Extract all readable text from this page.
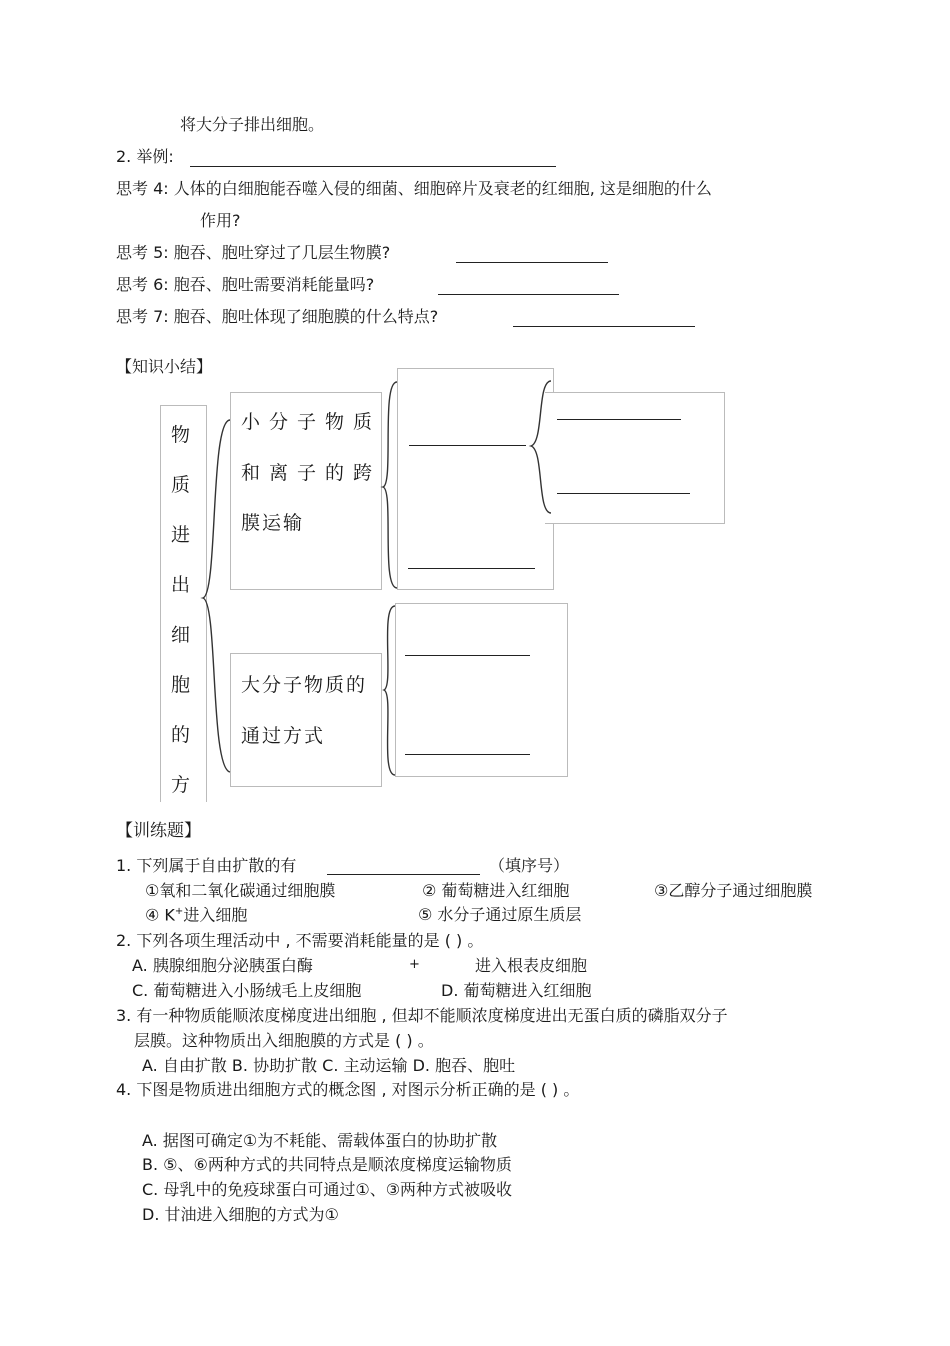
将大分子排出细胞。
2. 举例:
思考 4: 人体的白细胞能吞噬入侵的细菌、细胞碎片及衰老的红细胞, 这是细胞的什么
作用?
思考 5: 胞吞、胞吐穿过了几层生物膜?
思考 6: 胞吞、胞吐需要消耗能量吗?
思考 7: 胞吞、胞吐体现了细胞膜的什么特点?
【知识小结】
物
质
进
出
细
胞
的
方
小分子物质
和离子的跨
膜运输
大分子物质的
通过方式
【训练题】
1. 下列属于自由扩散的有	（填序号）
①氧和二氧化碳通过细胞膜	② 葡萄糖进入红细胞	③乙醇分子通过细胞膜
④ K+进入细胞	⑤ 水分子通过原生质层
2. 下列各项生理活动中 , 不需要消耗能量的是 ( ) 。
A. 胰腺细胞分泌胰蛋白酶	+	进入根表皮细胞
C. 葡萄糖进入小肠绒毛上皮细胞	D. 葡萄糖进入红细胞
3. 有一种物质能顺浓度梯度进出细胞 , 但却不能顺浓度梯度进出无蛋白质的磷脂双分子
层膜。这种物质出入细胞膜的方式是 ( ) 。
A. 自由扩散 B. 协助扩散 C. 主动运输 D. 胞吞、胞吐
4. 下图是物质进出细胞方式的概念图 , 对图示分析正确的是 ( ) 。
A. 据图可确定①为不耗能、需载体蛋白的协助扩散
B. ⑤、⑥两种方式的共同特点是顺浓度梯度运输物质
C. 母乳中的免疫球蛋白可通过①、③两种方式被吸收
D. 甘油进入细胞的方式为①
